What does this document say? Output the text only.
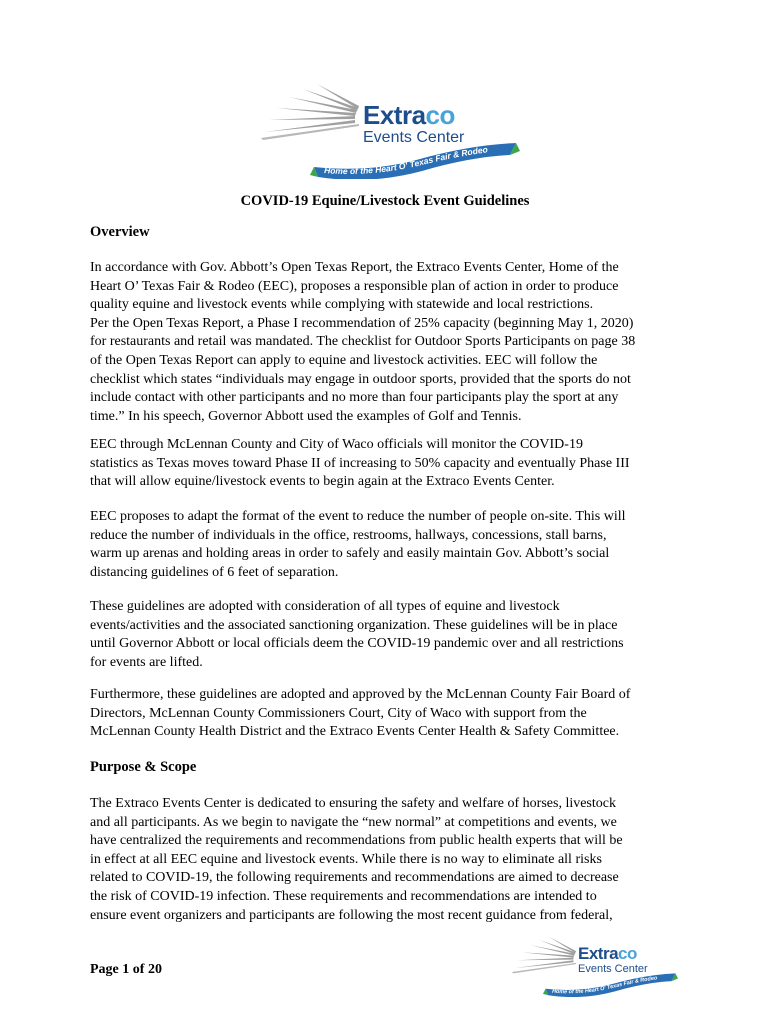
Extraco
Events Center
Home of the Heart O' Texas Fair & Rodeo
COVID-19 Equine/Livestock Event Guidelines
Overview
In accordance with Gov. Abbott’s Open Texas Report, the Extraco Events Center, Home of the
Heart O’ Texas Fair & Rodeo (EEC), proposes a responsible plan of action in order to produce
quality equine and livestock events while complying with statewide and local restrictions.
Per the Open Texas Report, a Phase I recommendation of 25% capacity (beginning May 1, 2020)
for restaurants and retail was mandated. The checklist for Outdoor Sports Participants on page 38
of the Open Texas Report can apply to equine and livestock activities. EEC will follow the
checklist which states “individuals may engage in outdoor sports, provided that the sports do not
include contact with other participants and no more than four participants play the sport at any
time.” In his speech, Governor Abbott used the examples of Golf and Tennis.
EEC through McLennan County and City of Waco officials will monitor the COVID-19
statistics as Texas moves toward Phase II of increasing to 50% capacity and eventually Phase III
that will allow equine/livestock events to begin again at the Extraco Events Center.
EEC proposes to adapt the format of the event to reduce the number of people on-site. This will
reduce the number of individuals in the office, restrooms, hallways, concessions, stall barns,
warm up arenas and holding areas in order to safely and easily maintain Gov. Abbott’s social
distancing guidelines of 6 feet of separation.
These guidelines are adopted with consideration of all types of equine and livestock
events/activities and the associated sanctioning organization. These guidelines will be in place
until Governor Abbott or local officials deem the COVID-19 pandemic over and all restrictions
for events are lifted.
Furthermore, these guidelines are adopted and approved by the McLennan County Fair Board of
Directors, McLennan County Commissioners Court, City of Waco with support from the
McLennan County Health District and the Extraco Events Center Health & Safety Committee.
Purpose & Scope
The Extraco Events Center is dedicated to ensuring the safety and welfare of horses, livestock
and all participants. As we begin to navigate the “new normal” at competitions and events, we
have centralized the requirements and recommendations from public health experts that will be
in effect at all EEC equine and livestock events. While there is no way to eliminate all risks
related to COVID-19, the following requirements and recommendations are aimed to decrease
the risk of COVID-19 infection. These requirements and recommendations are intended to
ensure event organizers and participants are following the most recent guidance from federal,
Page 1 of 20
Extraco
Events Center
Home of the Heart O' Texas Fair & Rodeo
